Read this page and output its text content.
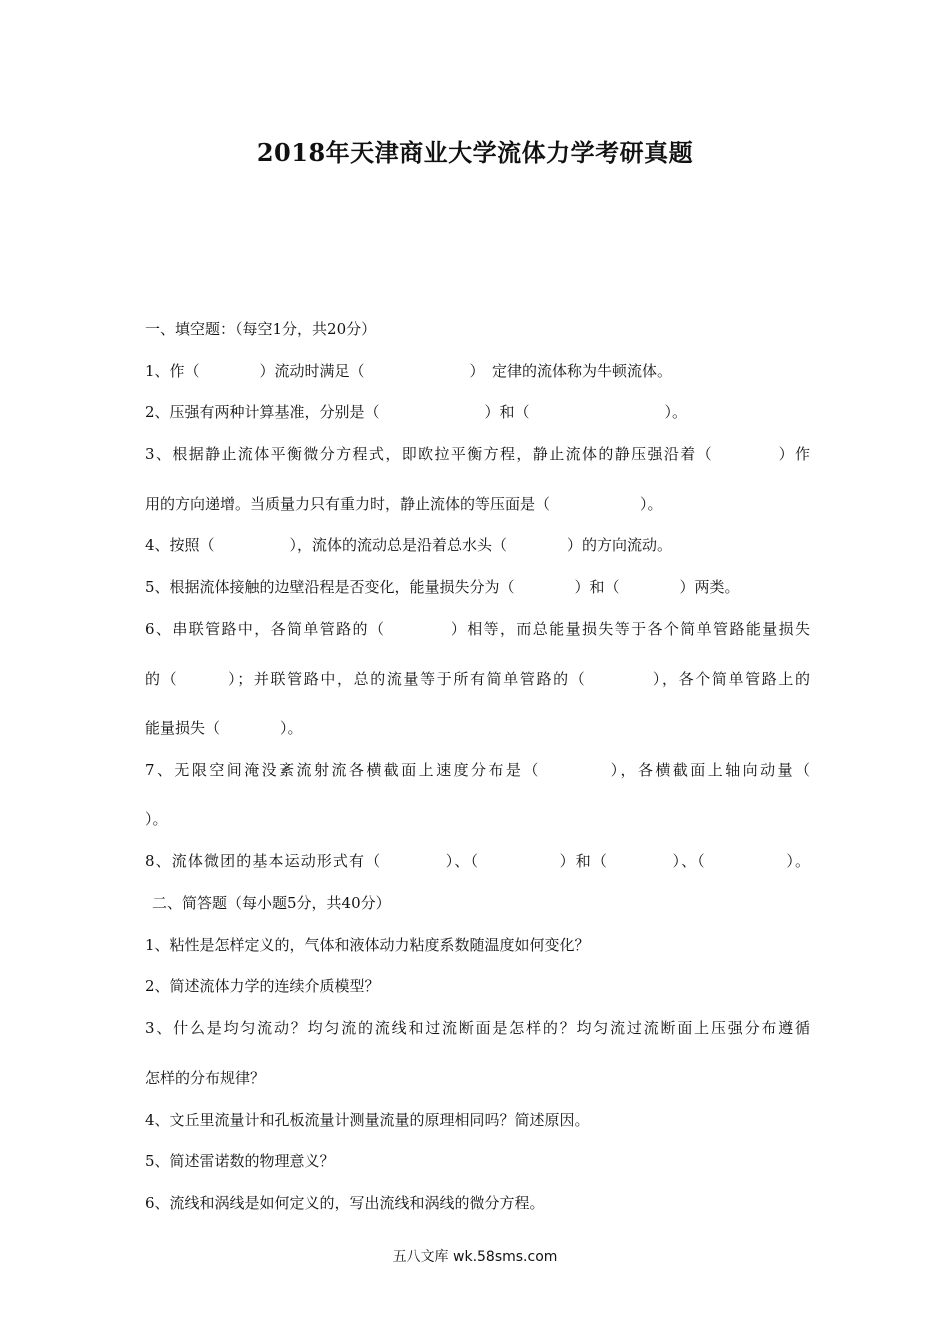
2018年天津商业大学流体力学考研真题
一、填空题：（每空1分，共20分）
1、作（　　　　）流动时满足（　　　　　　　）　定律的流体称为牛顿流体。
2、压强有两种计算基准，分别是（　　　　　　　）和（　　　　　　　　　）。
3、根据静止流体平衡微分方程式，即欧拉平衡方程，静止流体的静压强沿着（　　　　）作
用的方向递增。当质量力只有重力时，静止流体的等压面是（　　　　　　）。
4、按照（　　　　　），流体的流动总是沿着总水头（　　　　）的方向流动。
5、根据流体接触的边壁沿程是否变化，能量损失分为（　　　　）和（　　　　）两类。
6、串联管路中，各简单管路的（　　　　）相等，而总能量损失等于各个简单管路能量损失
的（　　　）；并联管路中，总的流量等于所有简单管路的（　　　　），各个简单管路上的
能量损失（　　　　）。
7、无限空间淹没紊流射流各横截面上速度分布是（　　　　），各横截面上轴向动量（
）。
8、流体微团的基本运动形式有（　　　　）、（　　　　　）和（　　　　）、（　　　　　）。
二、简答题（每小题5分，共40分）
1、粘性是怎样定义的，气体和液体动力粘度系数随温度如何变化？
2、简述流体力学的连续介质模型？
3、什么是均匀流动？均匀流的流线和过流断面是怎样的？均匀流过流断面上压强分布遵循
怎样的分布规律？
4、文丘里流量计和孔板流量计测量流量的原理相同吗？简述原因。
5、简述雷诺数的物理意义？
6、流线和涡线是如何定义的，写出流线和涡线的微分方程。
五八文库 wk.58sms.com
